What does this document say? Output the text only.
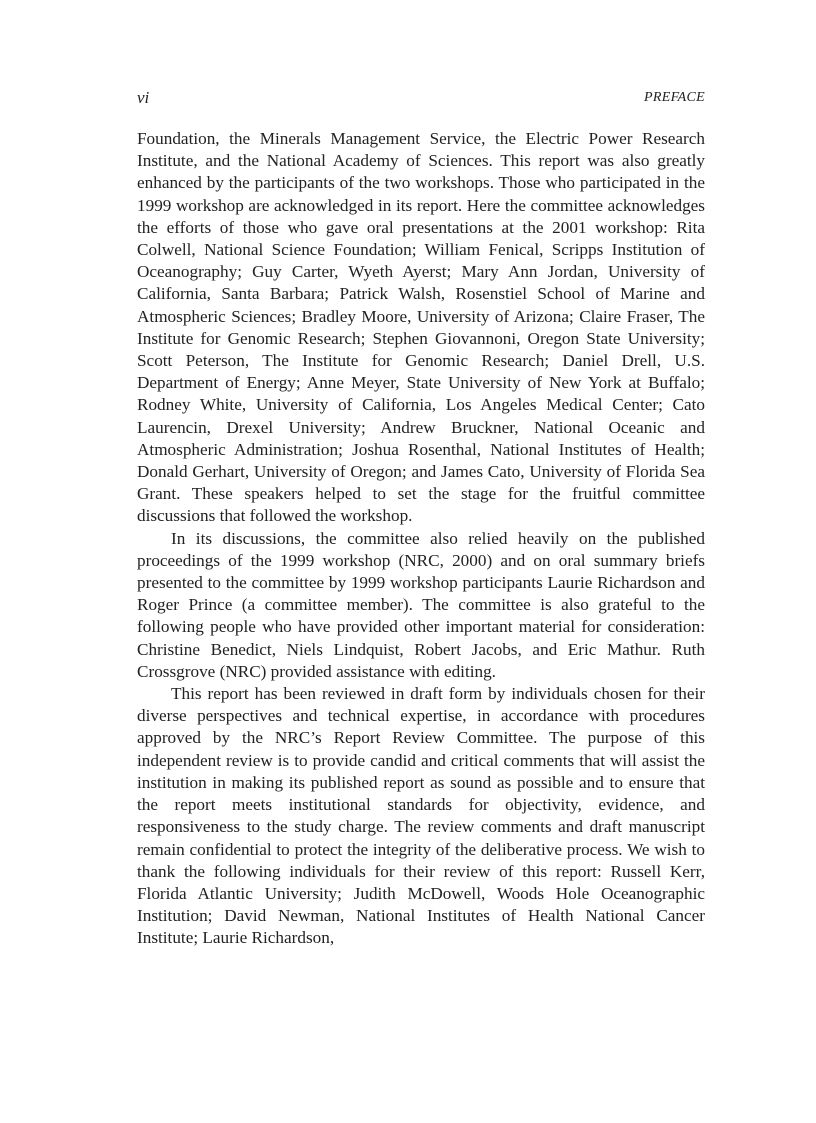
vi	PREFACE

Foundation, the Minerals Management Service, the Electric Power Research Institute, and the National Academy of Sciences. This report was also greatly enhanced by the participants of the two workshops. Those who participated in the 1999 workshop are acknowledged in its report. Here the committee acknowledges the efforts of those who gave oral presentations at the 2001 workshop: Rita Colwell, National Science Foundation; William Fenical, Scripps Institution of Oceanography; Guy Carter, Wyeth Ayerst; Mary Ann Jordan, University of California, Santa Barbara; Patrick Walsh, Rosenstiel School of Marine and Atmospheric Sciences; Bradley Moore, University of Arizona; Claire Fraser, The Institute for Genomic Research; Stephen Giovannoni, Oregon State University; Scott Peterson, The Institute for Genomic Research; Daniel Drell, U.S. Department of Energy; Anne Meyer, State University of New York at Buffalo; Rodney White, University of California, Los Angeles Medical Center; Cato Laurencin, Drexel University; Andrew Bruckner, National Oceanic and Atmospheric Administration; Joshua Rosenthal, National Institutes of Health; Donald Gerhart, University of Oregon; and James Cato, University of Florida Sea Grant. These speakers helped to set the stage for the fruitful committee discussions that followed the workshop.

In its discussions, the committee also relied heavily on the published proceedings of the 1999 workshop (NRC, 2000) and on oral summary briefs presented to the committee by 1999 workshop participants Laurie Richardson and Roger Prince (a committee member). The committee is also grateful to the following people who have provided other important material for consideration: Christine Benedict, Niels Lindquist, Robert Jacobs, and Eric Mathur. Ruth Crossgrove (NRC) provided assistance with editing.

This report has been reviewed in draft form by individuals chosen for their diverse perspectives and technical expertise, in accordance with procedures approved by the NRC’s Report Review Committee. The purpose of this independent review is to provide candid and critical comments that will assist the institution in making its published report as sound as possible and to ensure that the report meets institutional standards for objectivity, evidence, and responsiveness to the study charge. The review comments and draft manuscript remain confidential to protect the integrity of the deliberative process. We wish to thank the following individuals for their review of this report: Russell Kerr, Florida Atlantic University; Judith McDowell, Woods Hole Oceanographic Institution; David Newman, National Institutes of Health National Cancer Institute; Laurie Richardson,
